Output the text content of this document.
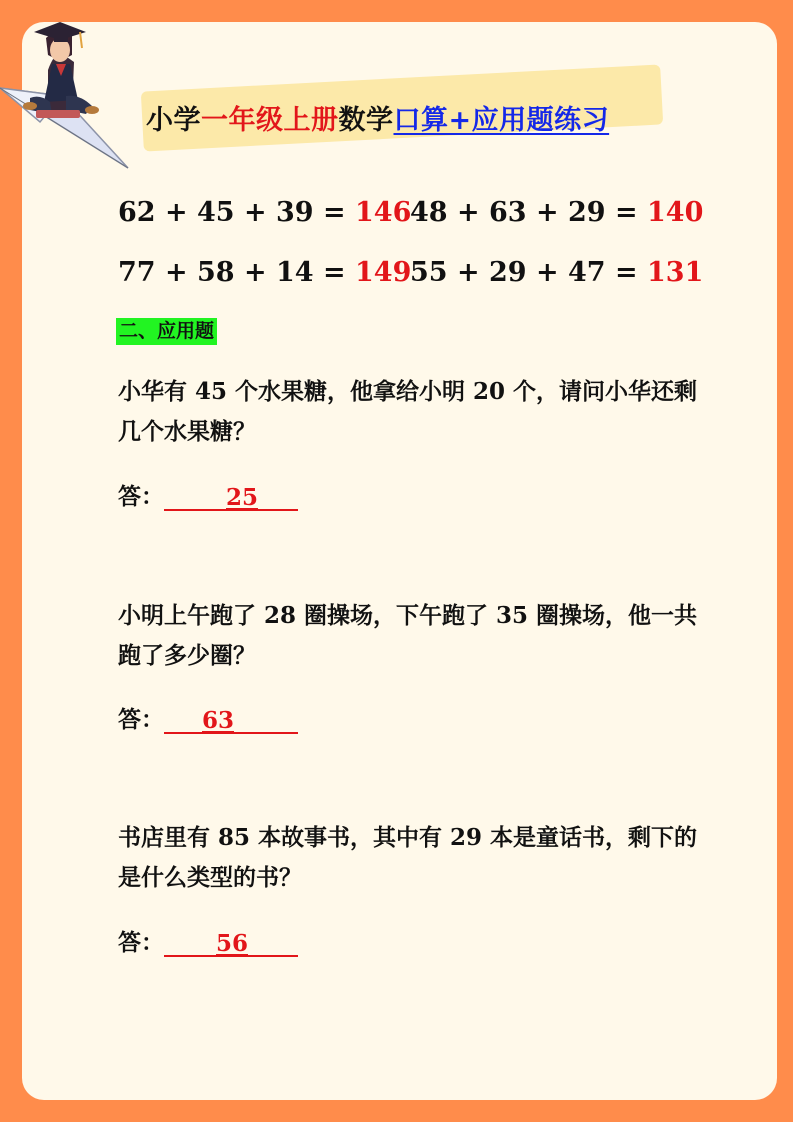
小学一年级上册数学口算+应用题练习
62 + 45 + 39 = 146
48 + 63 + 29 = 140
77 + 58 + 14 = 149
55 + 29 + 47 = 131
二、应用题
小华有 45 个水果糖，他拿给小明 20 个，请问小华还剩几个水果糖？
答：	25
小明上午跑了 28 圈操场，下午跑了 35 圈操场，他一共跑了多少圈？
答： 63
书店里有 85 本故事书，其中有 29 本是童话书，剩下的是什么类型的书？
答： 56
